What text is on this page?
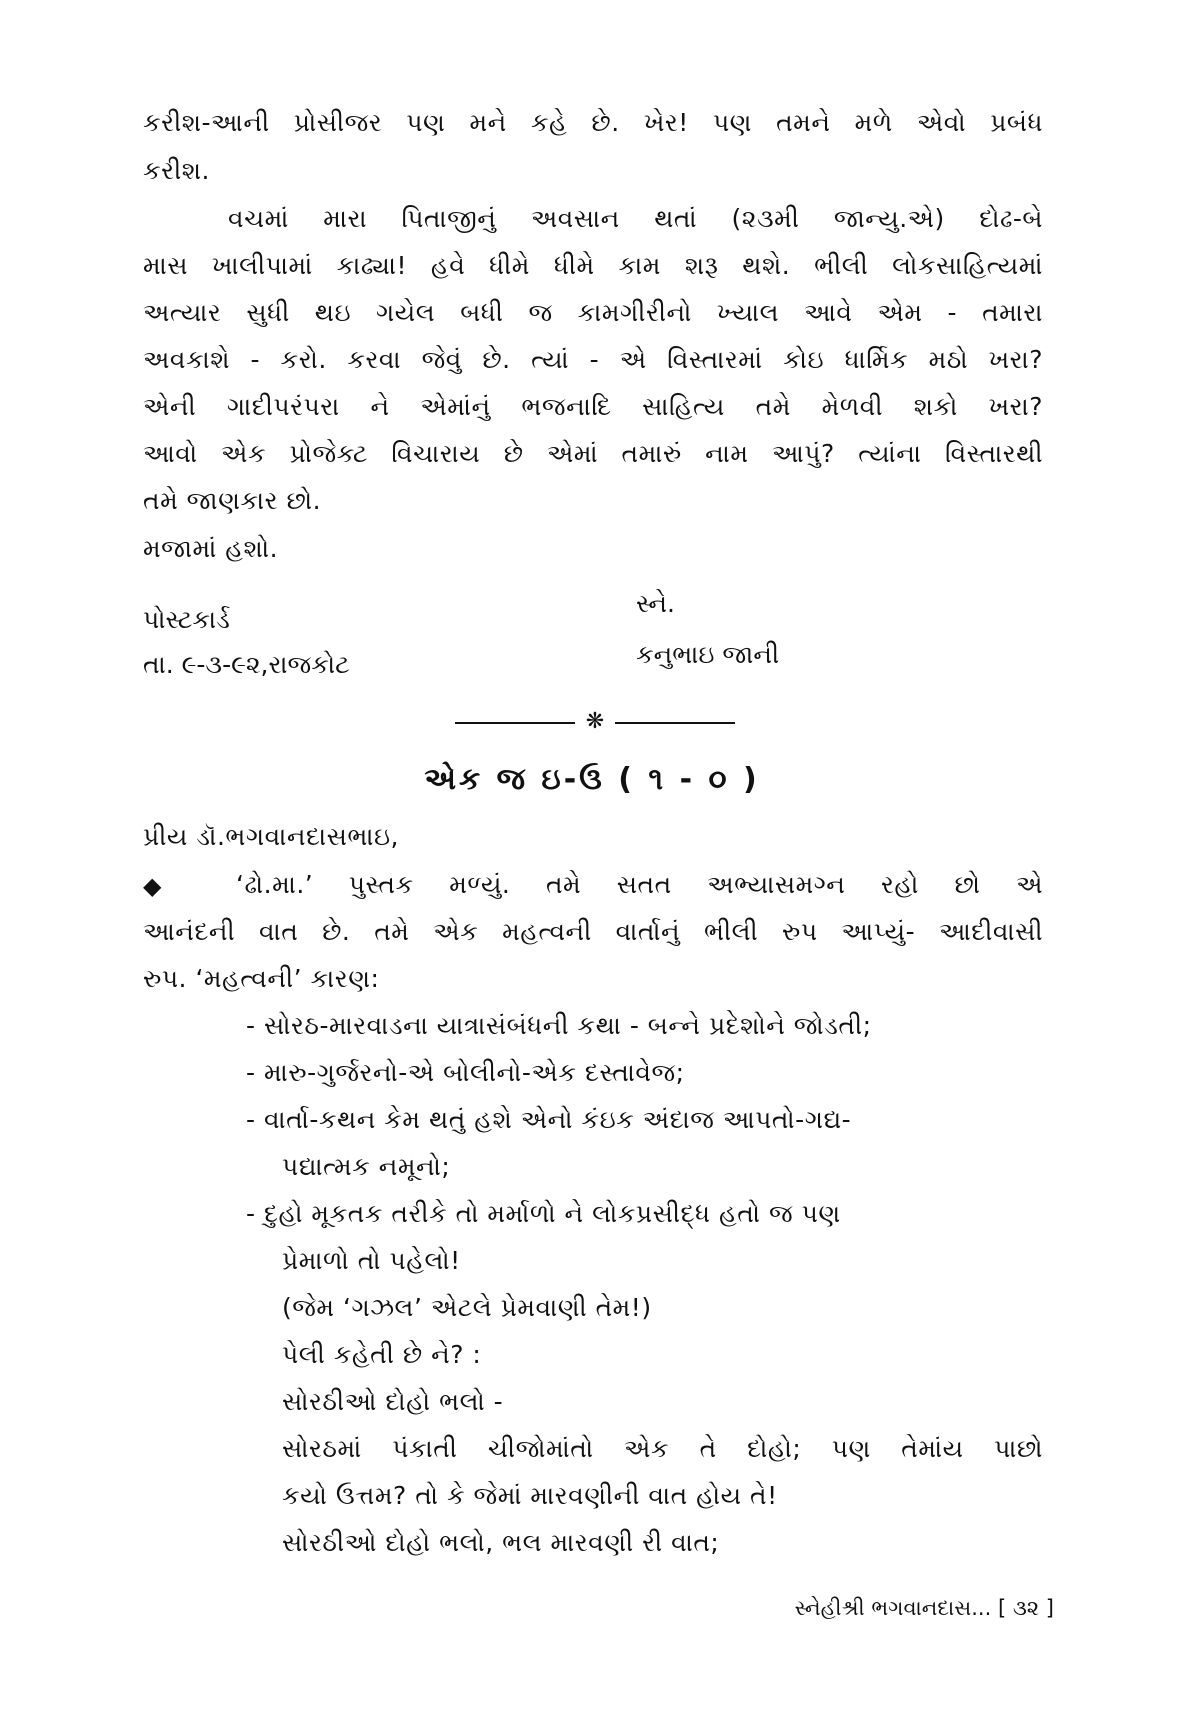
કરીશ-આની પ્રોસીજર પણ મને કહે છે. ખેર! પણ તમને મળે એવો પ્રબંધ
કરીશ.
વચમાં મારા પિતાજીનું અવસાન થતાં (૨૩મી જાન્યુ.એ) દોઢ-બે
માસ ખાલીપામાં કાઢ્યા! હવે ધીમે ધીમે કામ શરૂ થશે. ભીલી લોકસાહિત્યમાં
અત્યાર સુધી થઇ ગયેલ બધી જ કામગીરીનો ખ્યાલ આવે એમ - તમારા
અવકાશે - કરો. કરવા જેવું છે. ત્યાં - એ વિસ્તારમાં કોઇ ધાર્મિક મઠો ખરા?
એની ગાદીપરંપરા ને એમાંનું ભજનાદિ સાહિત્ય તમે મેળવી શકો ખરા?
આવો એક પ્રોજેક્ટ વિચારાય છે એમાં તમારું નામ આપું? ત્યાંના વિસ્તારથી
તમે જાણકાર છો.
મજામાં હશો.
પોસ્ટકાર્ડ
તા. ૯-૩-૯૨,રાજકોટ
સ્ને.
કનુભાઇ જાની
❋
એક જ ઇ-ઉ ( ૧ - ૦ )
પ્રીય ડૉ.ભગવાનદાસભાઇ,
◆	‘ઢો.મા.’ પુસ્તક મળ્યું. તમે સતત અભ્યાસમગ્ન રહો છો એ
આનંદની વાત છે. તમે એક મહત્વની વાર્તાનું ભીલી રુપ આપ્યું- આદીવાસી
રુપ. ‘મહત્વની’ કારણ:
- સોરઠ-મારવાડના યાત્રાસંબંધની કથા - બન્ને પ્રદેશોને જોડતી;
- મારુ-ગુર્જરનો-એ બોલીનો-એક દસ્તાવેજ;
- વાર્તા-કથન કેમ થતું હશે એનો કંઇક અંદાજ આપતો-ગદ્ય-
પદ્યાત્મક નમૂનો;
- દુહો મૂકતક તરીકે તો મર્માળો ને લોકપ્રસીદ્ધ હતો જ પણ
પ્રેમાળો તો પહેલો!
(જેમ ‘ગઝલ’ એટલે પ્રેમવાણી તેમ!)
પેલી કહેતી છે ને? :
સોરઠીઓ દોહો ભલો -
સોરઠમાં પંકાતી ચીજોમાંતો એક તે દોહો; પણ તેમાંય પાછો
કયો ઉત્તમ? તો કે જેમાં મારવણીની વાત હોય તે!
સોરઠીઓ દોહો ભલો, ભલ મારવણી રી વાત;
સ્નેહીશ્રી ભગવાનદાસ... [ ૩૨ ]
